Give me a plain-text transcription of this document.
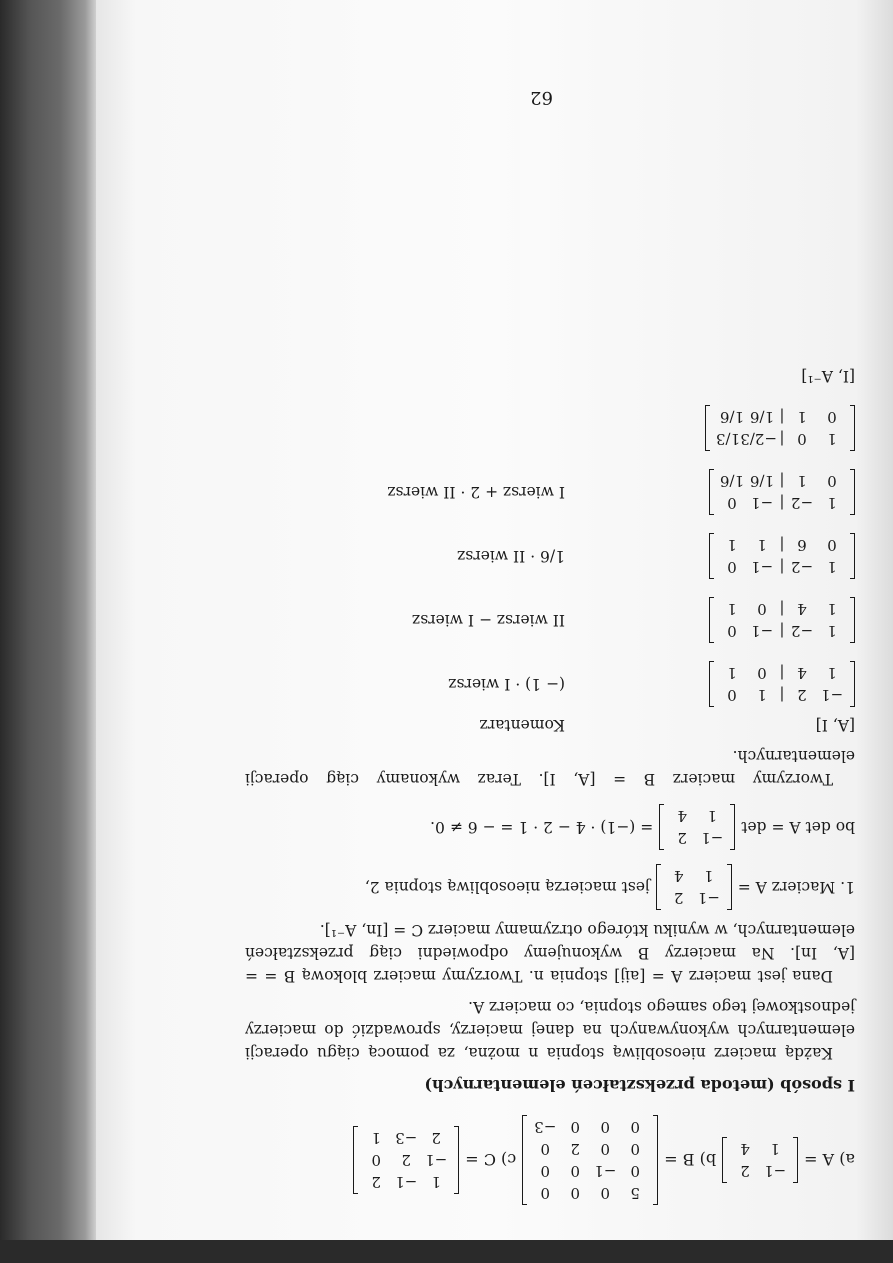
a) A =
−1
2
1
4
b) B =
5
0
0
0
0
−1
0
0
0
0
2
0
0
0
0
−3
c) C =
1
−1
2
−1
2
0
2
−3
1
I sposób (metoda przekształceń elementarnych)

Każdą macierz nieosobliwą stopnia n można, za pomocą ciągu operacji elementarnych wykonywanych na danej macierzy, sprowadzić do macierzy jednostkowej tego samego stopnia, co macierz A.

Dana jest macierz A = [aij] stopnia n. Tworzymy macierz blokową B = = [A, In]. Na macierzy B wykonujemy odpowiedni ciąg przekształceń elementarnych, w wyniku którego otrzymamy macierz C = [In, A⁻¹].

1. Macierz A =
−1
2
1
4
jest macierzą nieosobliwą stopnia 2,
bo det A = det
−1
2
1
4
= (−1) · 4 − 2 · 1 = − 6 ≠ 0.

Tworzymy macierz B = [A, I]. Teraz wykonamy ciąg operacji elementarnych.

[A, I]
Komentarz
−1
2
|
1
0
1
4
|
0
1
(− 1) · I wiersz
1
−2
|
−1
0
1
4
|
0
1
II wiersz − I wiersz
1
−2
|
−1
0
0
6
|
1
1
1/6 · II wiersz
1
−2
|
−1
0
0
1
|
1/6
1/6
I wiersz + 2 · II wiersz
1
0
|
−2/3
1/3
0
1
|
1/6
1/6
[I, A⁻¹]
62
